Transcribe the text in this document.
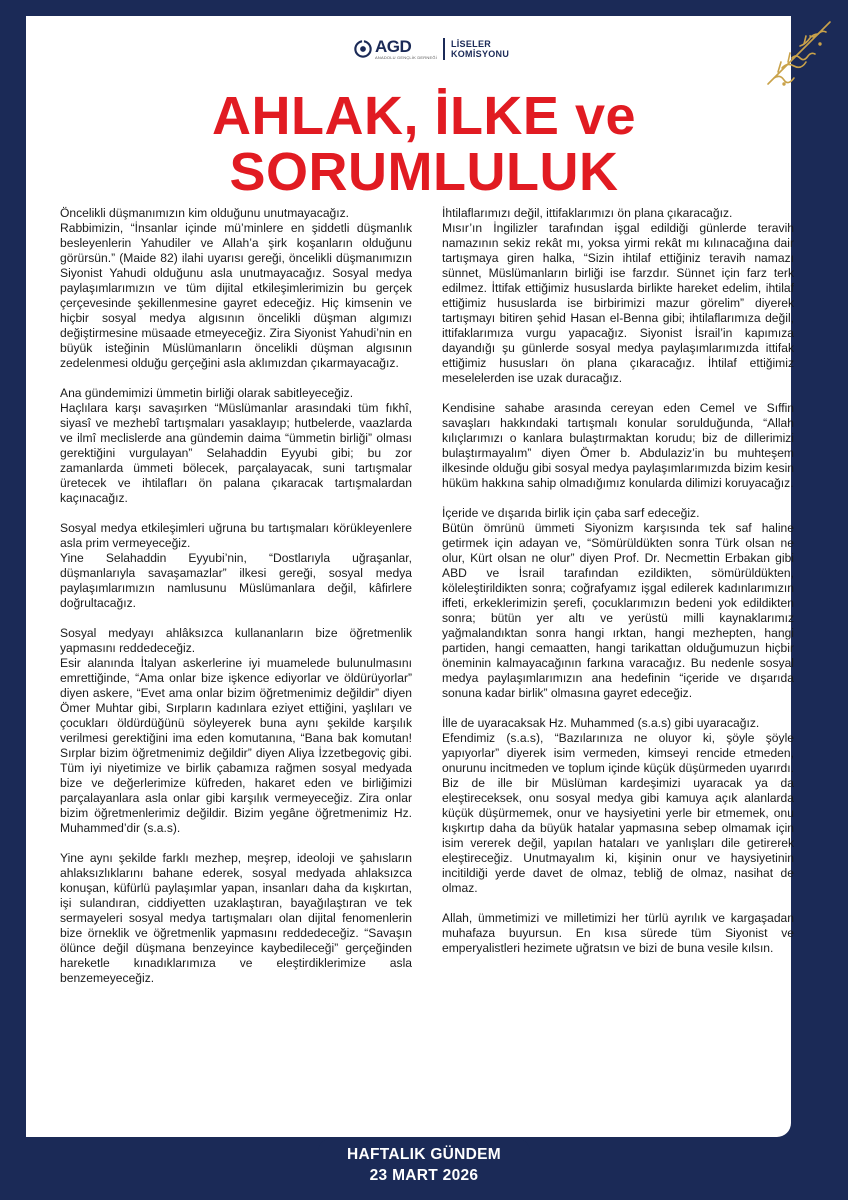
AGD
ANADOLU GENÇLİK DERNEĞİ
LİSELER
KOMİSYONU
AHLAK, İLKE ve SORUMLULUK

Öncelikli düşmanımızın kim olduğunu unutmayacağız.
Rabbimizin, “İnsanlar içinde mü’minlere en şiddetli düşmanlık besleyenlerin Yahudiler ve Allah’a şirk koşanların olduğunu görürsün.” (Maide 82) ilahi uyarısı gereği, öncelikli düşmanımızın Siyonist Yahudi olduğunu asla unutmayacağız. Sosyal medya paylaşımlarımızın ve tüm dijital etkileşimlerimizin bu gerçek çerçevesinde şekillenmesine gayret edeceğiz. Hiç kimsenin ve hiçbir sosyal medya algısının öncelikli düşman algımızı değiştirmesine müsaade etmeyeceğiz. Zira Siyonist Yahudi’nin en büyük isteğinin Müslümanların öncelikli düşman algısının zedelenmesi olduğu gerçeğini asla aklımızdan çıkarmayacağız.

Ana gündemimizi ümmetin birliği olarak sabitleyeceğiz.
Haçlılara karşı savaşırken “Müslümanlar arasındaki tüm fıkhî, siyasî ve mezhebî tartışmaları yasaklayıp; hutbelerde, vaazlarda ve ilmî meclislerde ana gündemin daima “ümmetin birliği” olması gerektiğini vurgulayan” Selahaddin Eyyubi gibi; bu zor zamanlarda ümmeti bölecek, parçalayacak, suni tartışmalar üretecek ve ihtilafları ön palana çıkaracak tartışmalardan kaçınacağız.

Sosyal medya etkileşimleri uğruna bu tartışmaları körükleyenlere asla prim vermeyeceğiz.
Yine Selahaddin Eyyubi’nin, “Dostlarıyla uğraşanlar, düşmanlarıyla savaşamazlar” ilkesi gereği, sosyal medya paylaşımlarımızın namlusunu Müslümanlara değil, kâfirlere doğrultacağız.

Sosyal medyayı ahlâksızca kullananların bize öğretmenlik yapmasını reddedeceğiz.
Esir alanında İtalyan askerlerine iyi muamelede bulunulmasını emrettiğinde, “Ama onlar bize işkence ediyorlar ve öldürüyorlar” diyen askere, “Evet ama onlar bizim öğretmenimiz değildir” diyen Ömer Muhtar gibi, Sırpların kadınlara eziyet ettiğini, yaşlıları ve çocukları öldürdüğünü söyleyerek buna aynı şekilde karşılık verilmesi gerektiğini ima eden komutanına, “Bana bak komutan! Sırplar bizim öğretmenimiz değildir” diyen Aliya İzzetbegoviç gibi. Tüm iyi niyetimize ve birlik çabamıza rağmen sosyal medyada bize ve değerlerimize küfreden, hakaret eden ve birliğimizi parçalayanlara asla onlar gibi karşılık vermeyeceğiz. Zira onlar bizim öğretmenlerimiz değildir. Bizim yegâne öğretmenimiz Hz. Muhammed’dir (s.a.s).

Yine aynı şekilde farklı mezhep, meşrep, ideoloji ve şahısların ahlaksızlıklarını bahane ederek, sosyal medyada ahlaksızca konuşan, küfürlü paylaşımlar yapan, insanları daha da kışkırtan, işi sulandıran, ciddiyetten uzaklaştıran, bayağılaştıran ve tek sermayeleri sosyal medya tartışmaları olan dijital fenomenlerin bize örneklik ve öğretmenlik yapmasını reddedeceğiz. “Savaşın ölünce değil düşmana benzeyince kaybedileceği” gerçeğinden hareketle kınadıklarımıza ve eleştirdiklerimize asla benzemeyeceğiz.

İhtilaflarımızı değil, ittifaklarımızı ön plana çıkaracağız.
Mısır’ın İngilizler tarafından işgal edildiği günlerde teravih namazının sekiz rekât mı, yoksa yirmi rekât mı kılınacağına dair tartışmaya giren halka, “Sizin ihtilaf ettiğiniz teravih namazı sünnet, Müslümanların birliği ise farzdır. Sünnet için farz terk edilmez. İttifak ettiğimiz hususlarda birlikte hareket edelim, ihtilaf ettiğimiz hususlarda ise birbirimizi mazur görelim” diyerek tartışmayı bitiren şehid Hasan el-Benna gibi; ihtilaflarımıza değil, ittifaklarımıza vurgu yapacağız. Siyonist İsrail’in kapımıza dayandığı şu günlerde sosyal medya paylaşımlarımızda ittifak ettiğimiz hususları ön plana çıkaracağız. İhtilaf ettiğimiz meselelerden ise uzak duracağız.

Kendisine sahabe arasında cereyan eden Cemel ve Sıffin savaşları hakkındaki tartışmalı konular sorulduğunda, “Allah kılıçlarımızı o kanlara bulaştırmaktan korudu; biz de dillerimizi bulaştırmayalım” diyen Ömer b. Abdulaziz’in bu muhteşem ilkesinde olduğu gibi sosyal medya paylaşımlarımızda bizim kesin hüküm hakkına sahip olmadığımız konularda dilimizi koruyacağız.

İçeride ve dışarıda birlik için çaba sarf edeceğiz.
Bütün ömrünü ümmeti Siyonizm karşısında tek saf haline getirmek için adayan ve, “Sömürüldükten sonra Türk olsan ne olur, Kürt olsan ne olur” diyen Prof. Dr. Necmettin Erbakan gibi ABD ve İsrail tarafından ezildikten, sömürüldükten, köleleştirildikten sonra; coğrafyamız işgal edilerek kadınlarımızın iffeti, erkeklerimizin şerefi, çocuklarımızın bedeni yok edildikten sonra; bütün yer altı ve yerüstü milli kaynaklarımız yağmalandıktan sonra hangi ırktan, hangi mezhepten, hangi partiden, hangi cemaatten, hangi tarikattan olduğumuzun hiçbir öneminin kalmayacağının farkına varacağız. Bu nedenle sosyal medya paylaşımlarımızın ana hedefinin “içeride ve dışarıda sonuna kadar birlik” olmasına gayret edeceğiz.

İlle de uyaracaksak Hz. Muhammed (s.a.s) gibi uyaracağız.
Efendimiz (s.a.s), “Bazılarınıza ne oluyor ki, şöyle şöyle yapıyorlar” diyerek isim vermeden, kimseyi rencide etmeden, onurunu incitmeden ve toplum içinde küçük düşürmeden uyarırdı. Biz de ille bir Müslüman kardeşimizi uyaracak ya da eleştireceksek, onu sosyal medya gibi kamuya açık alanlarda küçük düşürmemek, onur ve haysiyetini yerle bir etmemek, onu kışkırtıp daha da büyük hatalar yapmasına sebep olmamak için isim vererek değil, yapılan hataları ve yanlışları dile getirerek eleştireceğiz. Unutmayalım ki, kişinin onur ve haysiyetinin incitildiği yerde davet de olmaz, tebliğ de olmaz, nasihat de olmaz.

Allah, ümmetimizi ve milletimizi her türlü ayrılık ve kargaşadan muhafaza buyursun. En kısa sürede tüm Siyonist ve emperyalistleri hezimete uğratsın ve bizi de buna vesile kılsın.

HAFTALIK GÜNDEM
23 MART 2026
